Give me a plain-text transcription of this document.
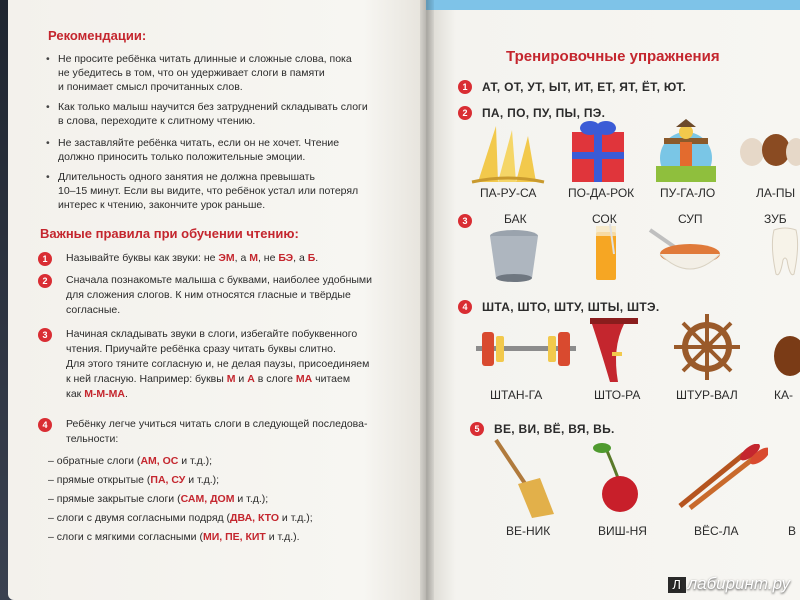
Рекомендации:
• Не просите ребёнка читать длинные и сложные слова, пока
не убедитесь в том, что он удерживает слоги в памяти
и понимает смысл прочитанных слов.
• Как только малыш научится без затруднений складывать слоги
в слова, переходите к слитному чтению.
• Не заставляйте ребёнка читать, если он не хочет. Чтение
должно приносить только положительные эмоции.
• Длительность одного занятия не должна превышать
10–15 минут. Если вы видите, что ребёнок устал или потерял
интерес к чтению, закончите урок раньше.
Важные правила при обучении чтению:
1	Называйте буквы как звуки: не ЭМ, а М, не БЭ, а Б.
2	Сначала познакомьте малыша с буквами, наиболее удобными
для сложения слогов. К ним относятся гласные и твёрдые
согласные.
3	Начиная складывать звуки в слоги, избегайте побуквенного
чтения. Приучайте ребёнка сразу читать буквы слитно.
Для этого тяните согласную и, не делая паузы, присоединяем
к ней гласную. Например: буквы М и А в слоге МА читаем
как М-М-МА.
4	Ребёнку легче учиться читать слоги в следующей последова-
тельности:
– обратные слоги (АМ, ОС и т.д.);
– прямые открытые (ПА, СУ и т.д.);
– прямые закрытые слоги (САМ, ДОМ и т.д.);
– слоги с двумя согласными подряд (ДВА, КТО и т.д.);
– слоги с мягкими согласными (МИ, ПЕ, КИТ и т.д.).
Тренировочные упражнения
1	АТ, ОТ, УТ, ЫТ, ИТ, ЕТ, ЯТ, ЁТ, ЮТ.
2	ПА, ПО, ПУ, ПЫ, ПЭ.
ПА-РУ-СА	ПО-ДА-РОК ПУ-ГА-ЛО	ЛА-ПЫ
3	БАК	СОК	СУП	ЗУБ
4	ШТА, ШТО, ШТУ, ШТЫ, ШТЭ.
ШТАН-ГА	ШТО-РА	ШТУР-ВАЛ	КА-
5	ВЕ, ВИ, ВЁ, ВЯ, ВЬ.
ВЕ-НИК	ВИШ-НЯ	ВЁС-ЛА	В
Л лабиринт.ру
